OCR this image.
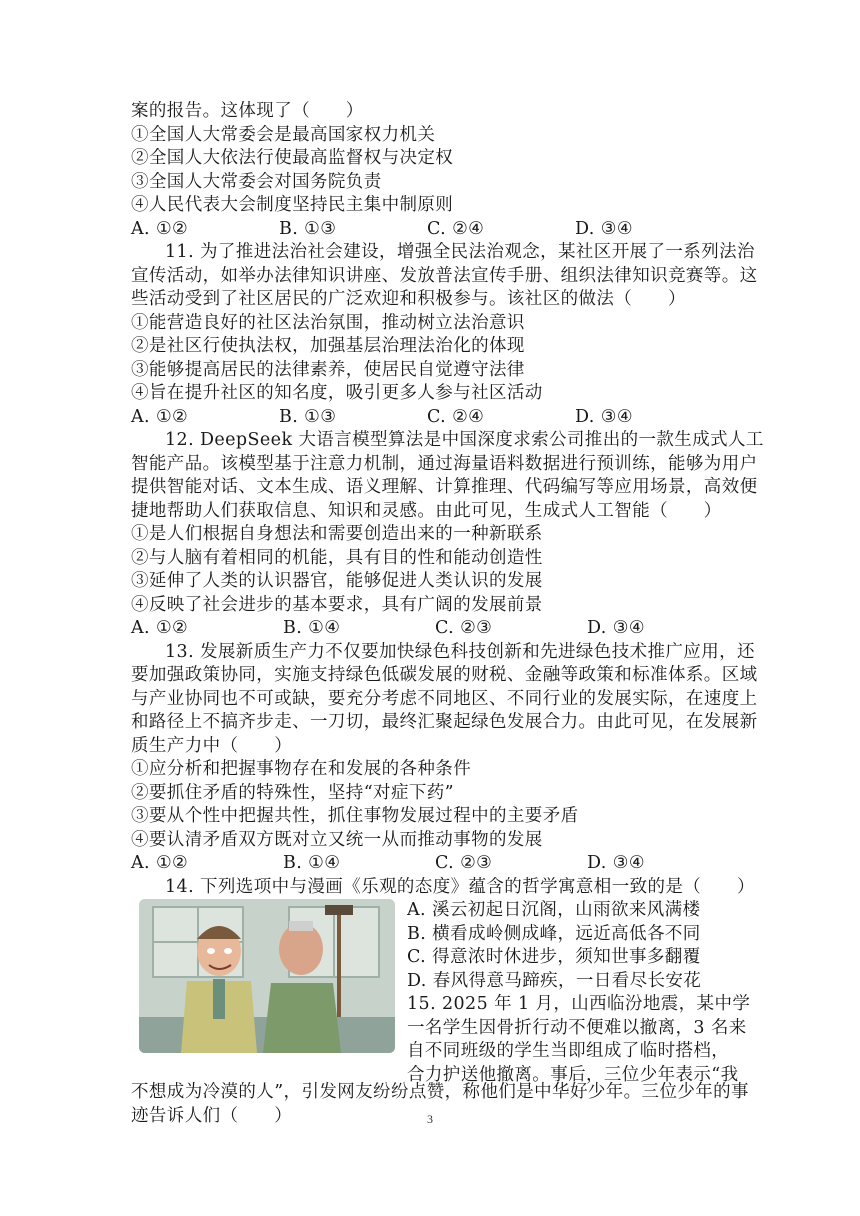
案的报告。这体现了（　　）
①全国人大常委会是最高国家权力机关
②全国人大依法行使最高监督权与决定权
③全国人大常委会对国务院负责
④人民代表大会制度坚持民主集中制原则
A. ①②	B. ①③	C. ②④	D. ③④
11. 为了推进法治社会建设，增强全民法治观念，某社区开展了一系列法治
宣传活动，如举办法律知识讲座、发放普法宣传手册、组织法律知识竞赛等。这
些活动受到了社区居民的广泛欢迎和积极参与。该社区的做法（　　）
①能营造良好的社区法治氛围，推动树立法治意识
②是社区行使执法权，加强基层治理法治化的体现
③能够提高居民的法律素养，使居民自觉遵守法律
④旨在提升社区的知名度，吸引更多人参与社区活动
A. ①②	B. ①③	C. ②④	D. ③④
12. DeepSeek 大语言模型算法是中国深度求索公司推出的一款生成式人工
智能产品。该模型基于注意力机制，通过海量语料数据进行预训练，能够为用户
提供智能对话、文本生成、语义理解、计算推理、代码编写等应用场景，高效便
捷地帮助人们获取信息、知识和灵感。由此可见，生成式人工智能（　　）
①是人们根据自身想法和需要创造出来的一种新联系
②与人脑有着相同的机能，具有目的性和能动创造性
③延伸了人类的认识器官，能够促进人类认识的发展
④反映了社会进步的基本要求，具有广阔的发展前景
A. ①②	B. ①④	C. ②③	D. ③④
13. 发展新质生产力不仅要加快绿色科技创新和先进绿色技术推广应用，还
要加强政策协同，实施支持绿色低碳发展的财税、金融等政策和标准体系。区域
与产业协同也不可或缺，要充分考虑不同地区、不同行业的发展实际，在速度上
和路径上不搞齐步走、一刀切，最终汇聚起绿色发展合力。由此可见，在发展新
质生产力中（　　）
①应分析和把握事物存在和发展的各种条件
②要抓住矛盾的特殊性，坚持“对症下药”
③要从个性中把握共性，抓住事物发展过程中的主要矛盾
④要认清矛盾双方既对立又统一从而推动事物的发展
A. ①②	B. ①④	C. ②③	D. ③④
14. 下列选项中与漫画《乐观的态度》蕴含的哲学寓意相一致的是（　　）
A. 溪云初起日沉阁，山雨欲来风满楼
B. 横看成岭侧成峰，远近高低各不同
C. 得意浓时休进步，须知世事多翻覆
D. 春风得意马蹄疾，一日看尽长安花
15. 2025 年 1 月，山西临汾地震，某中学
一名学生因骨折行动不便难以撤离，3 名来
自不同班级的学生当即组成了临时搭档，
合力护送他撤离。事后，三位少年表示“我
不想成为冷漠的人”，引发网友纷纷点赞，称他们是中华好少年。三位少年的事
迹告诉人们（　　）	3
